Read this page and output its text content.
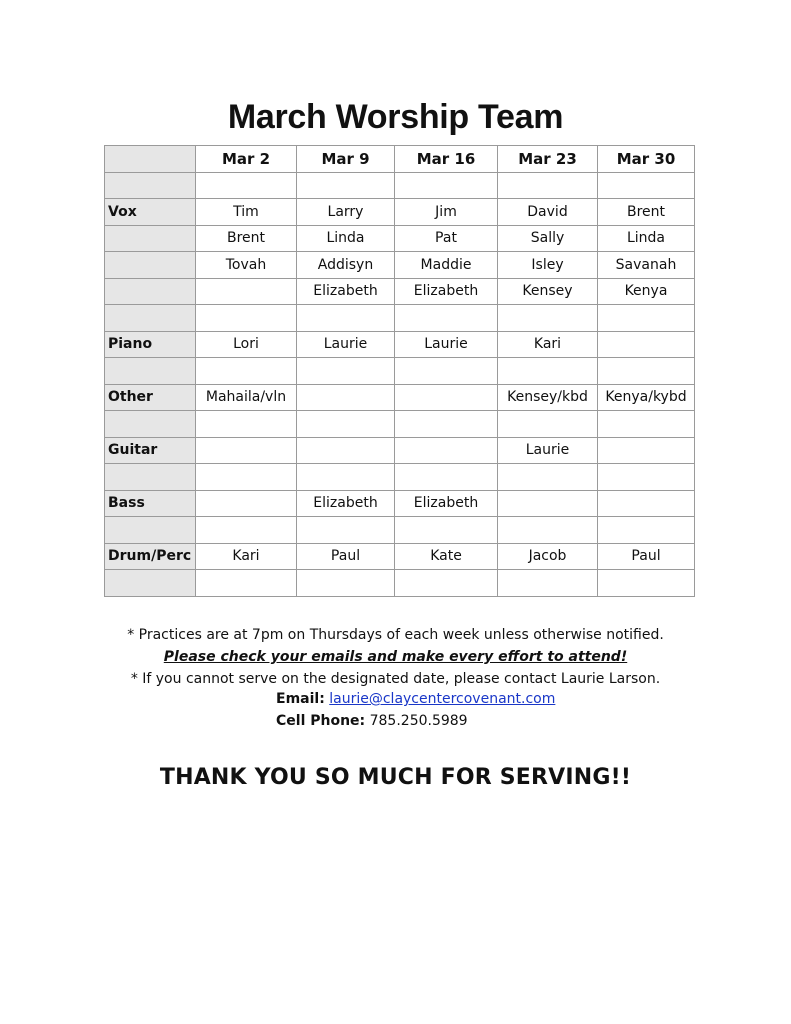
March Worship Team
	Mar 2	Mar 9	Mar 16	Mar 23	Mar 30

Vox	Tim	Larry	Jim	David	Brent
	Brent	Linda	Pat	Sally	Linda
	Tovah	Addisyn	Maddie	Isley	Savanah
		Elizabeth	Elizabeth	Kensey	Kenya

Piano	Lori	Laurie	Laurie	Kari	

Other	Mahaila/vln			Kensey/kbd	Kenya/kybd

Guitar				Laurie	

Bass		Elizabeth	Elizabeth		

Drum/Perc	Kari	Paul	Kate	Jacob	Paul

* Practices are at 7pm on Thursdays of each week unless otherwise notified.
Please check your emails and make every effort to attend!
* If you cannot serve on the designated date, please contact Laurie Larson.
Email: laurie@claycentercovenant.com
Cell Phone: 785.250.5989
THANK YOU SO MUCH FOR SERVING!!
